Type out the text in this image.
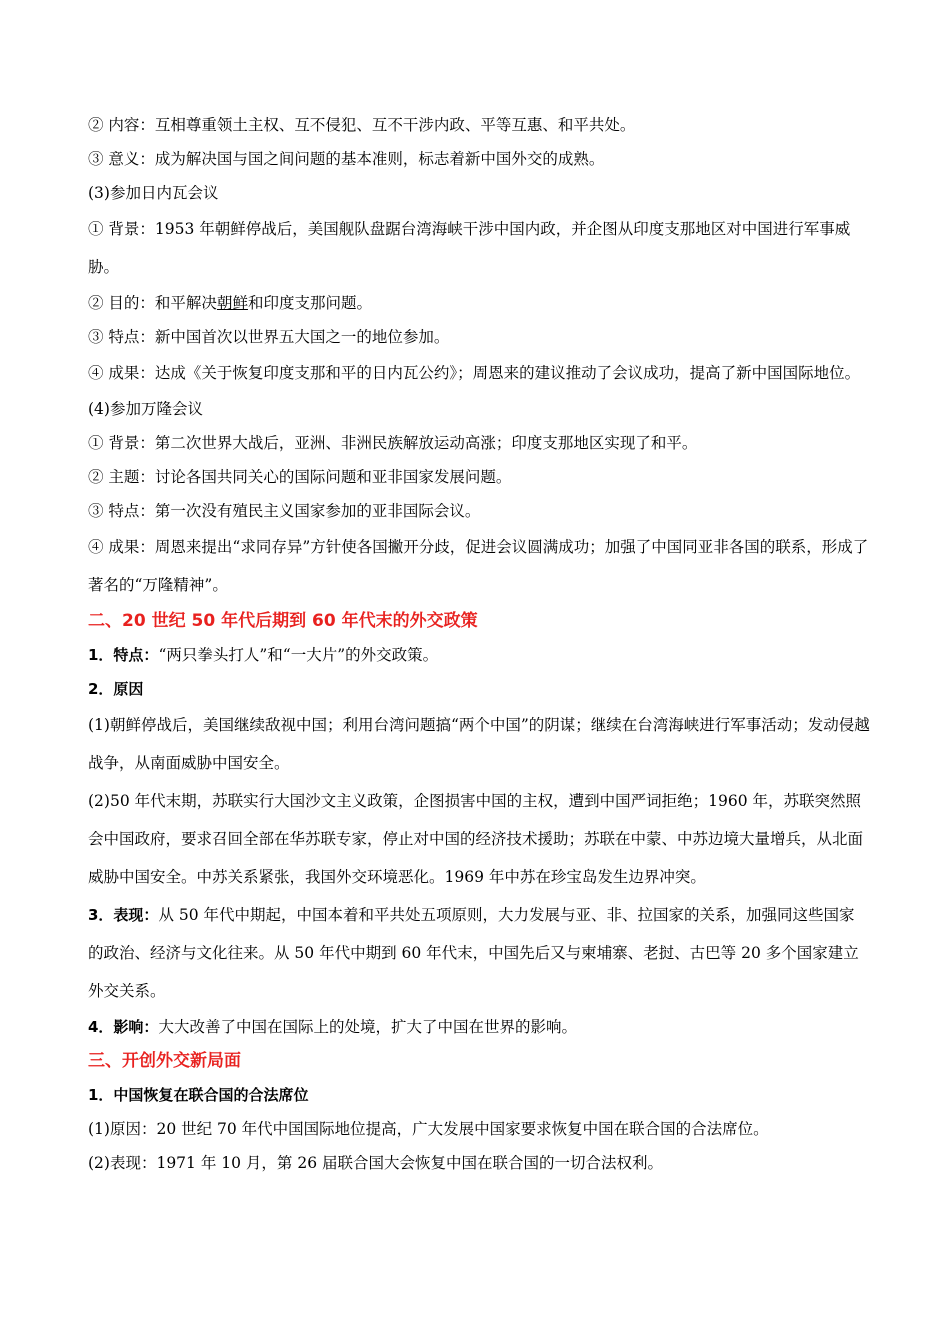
② 内容：互相尊重领土主权、互不侵犯、互不干涉内政、平等互惠、和平共处。

③ 意义：成为解决国与国之间问题的基本准则，标志着新中国外交的成熟。

(3)参加日内瓦会议

① 背景：1953 年朝鲜停战后，美国舰队盘踞台湾海峡干涉中国内政，并企图从印度支那地区对中国进行军事威胁。

② 目的：和平解决朝鲜和印度支那问题。

③ 特点：新中国首次以世界五大国之一的地位参加。

④ 成果：达成《关于恢复印度支那和平的日内瓦公约》；周恩来的建议推动了会议成功，提高了新中国国际地位。

(4)参加万隆会议

① 背景：第二次世界大战后，亚洲、非洲民族解放运动高涨；印度支那地区实现了和平。

② 主题：讨论各国共同关心的国际问题和亚非国家发展问题。

③ 特点：第一次没有殖民主义国家参加的亚非国际会议。

④ 成果：周恩来提出“求同存异”方针使各国撇开分歧，促进会议圆满成功；加强了中国同亚非各国的联系，形成了著名的“万隆精神”。

二、20 世纪 50 年代后期到 60 年代末的外交政策

1．特点：“两只拳头打人”和“一大片”的外交政策。

2．原因

(1)朝鲜停战后，美国继续敌视中国；利用台湾问题搞“两个中国”的阴谋；继续在台湾海峡进行军事活动；发动侵越战争，从南面威胁中国安全。

(2)50 年代末期，苏联实行大国沙文主义政策，企图损害中国的主权，遭到中国严词拒绝；1960 年，苏联突然照会中国政府，要求召回全部在华苏联专家，停止对中国的经济技术援助；苏联在中蒙、中苏边境大量增兵，从北面威胁中国安全。中苏关系紧张，我国外交环境恶化。1969 年中苏在珍宝岛发生边界冲突。

3．表现：从 50 年代中期起，中国本着和平共处五项原则，大力发展与亚、非、拉国家的关系，加强同这些国家的政治、经济与文化往来。从 50 年代中期到 60 年代末，中国先后又与柬埔寨、老挝、古巴等 20 多个国家建立外交关系。

4．影响：大大改善了中国在国际上的处境，扩大了中国在世界的影响。

三、开创外交新局面

1．中国恢复在联合国的合法席位

(1)原因：20 世纪 70 年代中国国际地位提高，广大发展中国家要求恢复中国在联合国的合法席位。

(2)表现：1971 年 10 月，第 26 届联合国大会恢复中国在联合国的一切合法权利。
